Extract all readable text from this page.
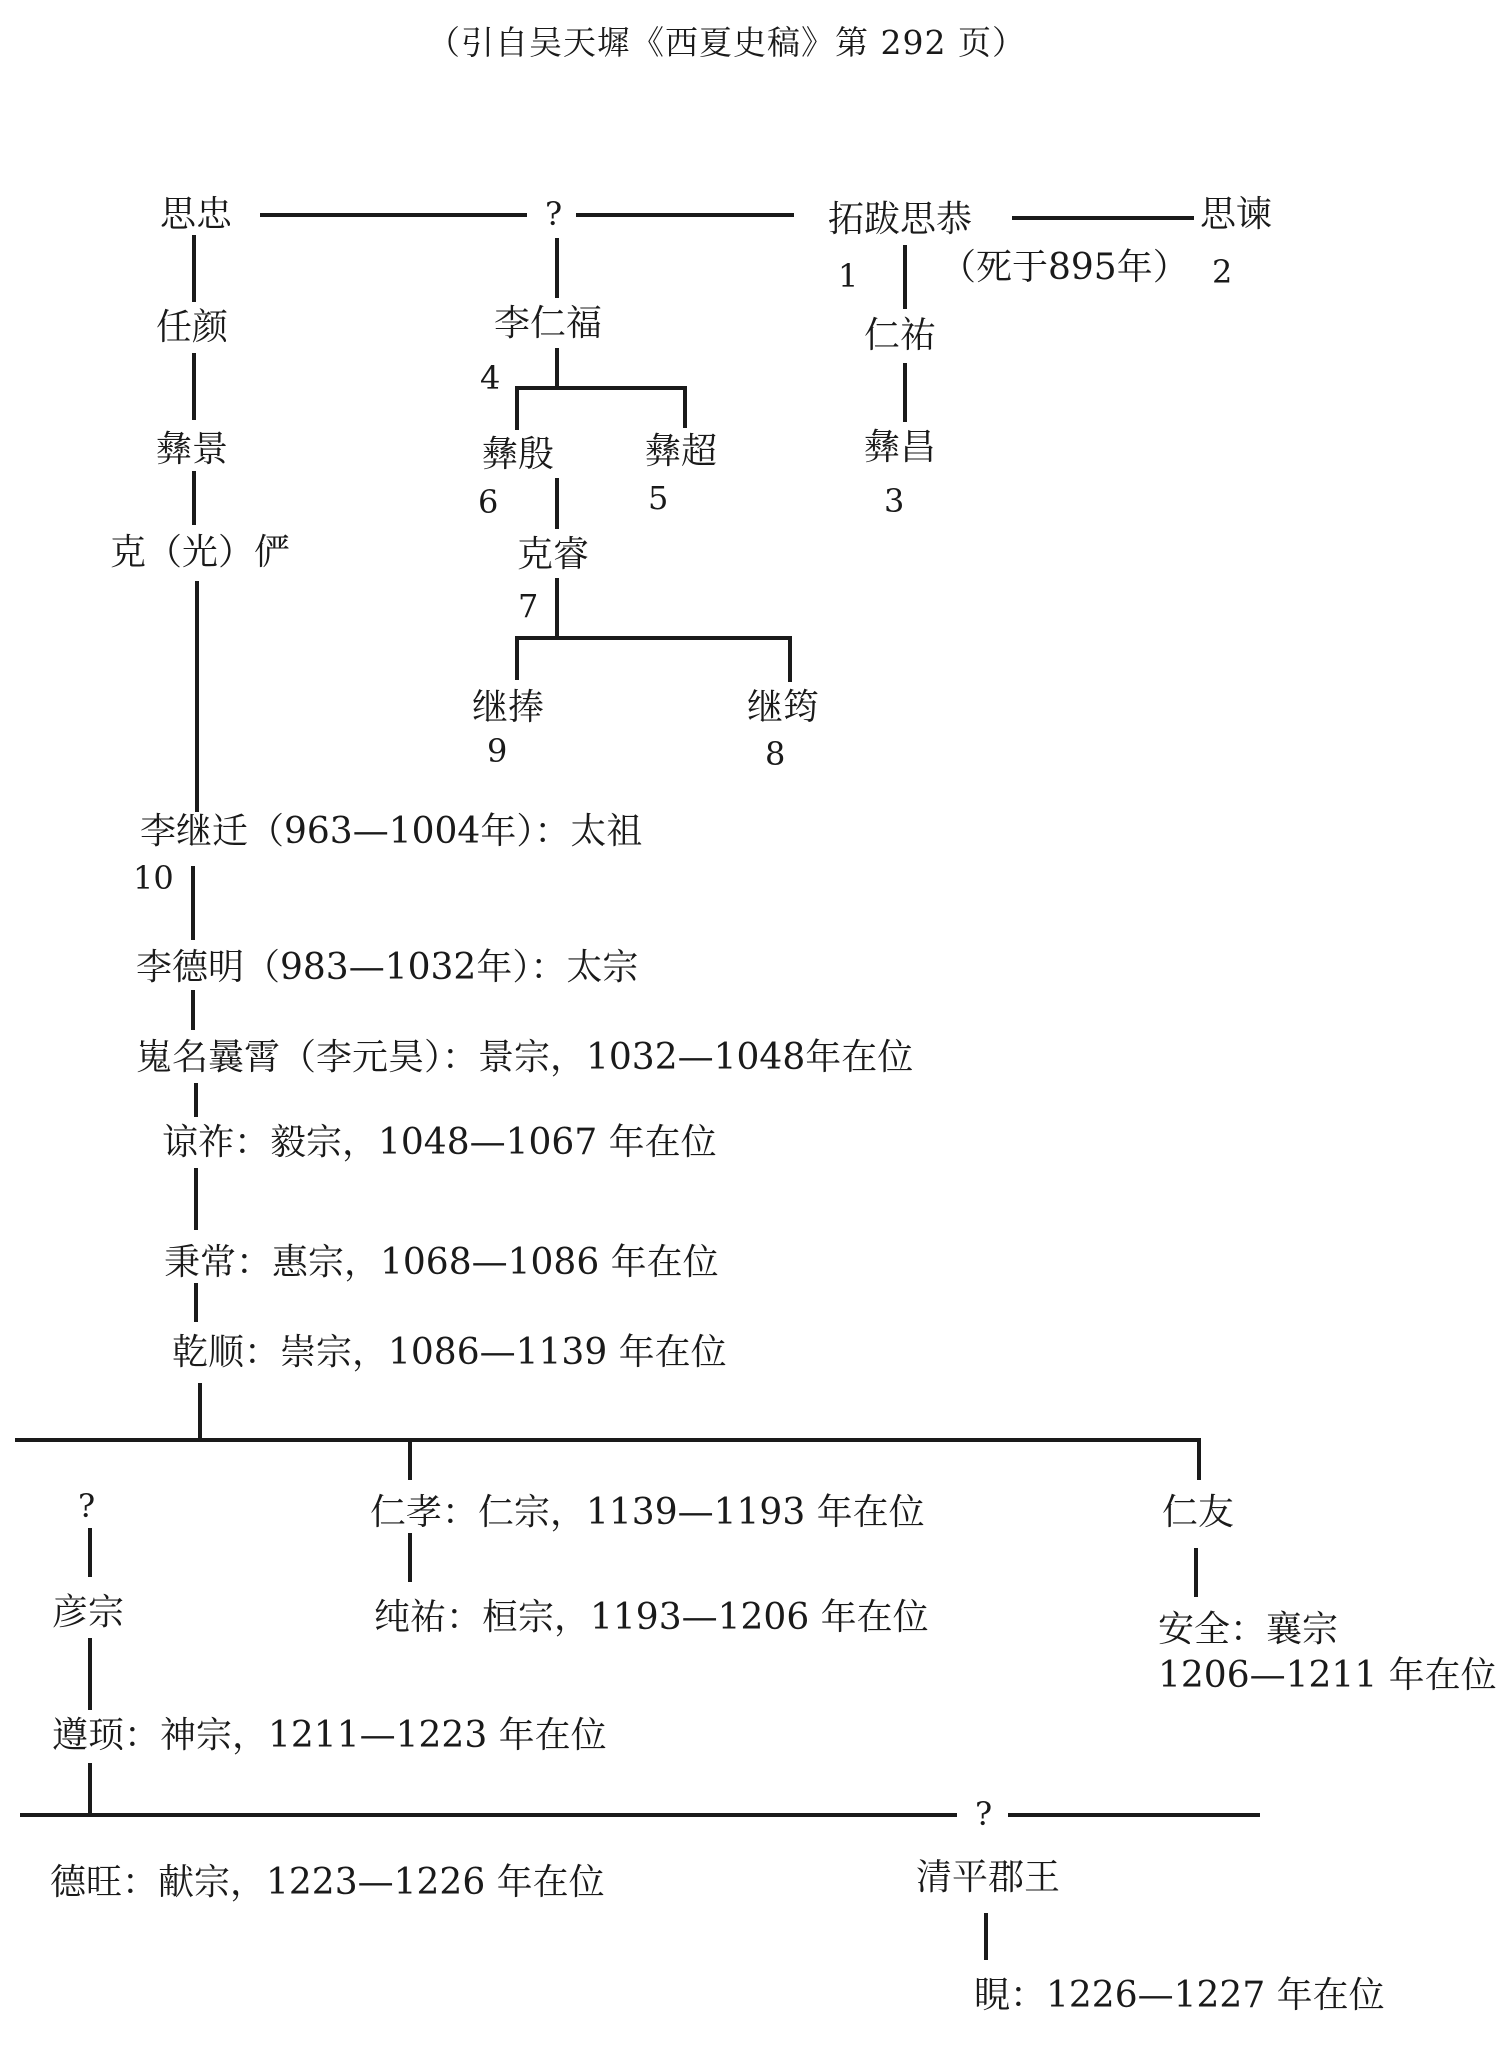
（引自吴天墀《西夏史稿》第 292 页）
思忠
任颜
彝景
克（光）俨
?
李仁福
4
彝殷
6
彝超
5
克睿
7
继捧
9
继筠
8
拓跋思恭
1 （死于895年）
思谏
2
仁祐
彝昌
3
李继迁（963—1004年）：太祖
10
李德明（983—1032年）：太宗
嵬名曩霄（李元昊）：景宗，1032—1048年在位
谅祚：毅宗，1048—1067 年在位
秉常：惠宗，1068—1086 年在位
乾顺：崇宗，1086—1139 年在位
?
彦宗
遵顼：神宗，1211—1223 年在位
仁孝：仁宗，1139—1193 年在位
纯祐：桓宗，1193—1206 年在位
仁友
安全：襄宗
1206—1211 年在位
德旺：献宗，1223—1226 年在位
?
清平郡王
睍：1226—1227 年在位
